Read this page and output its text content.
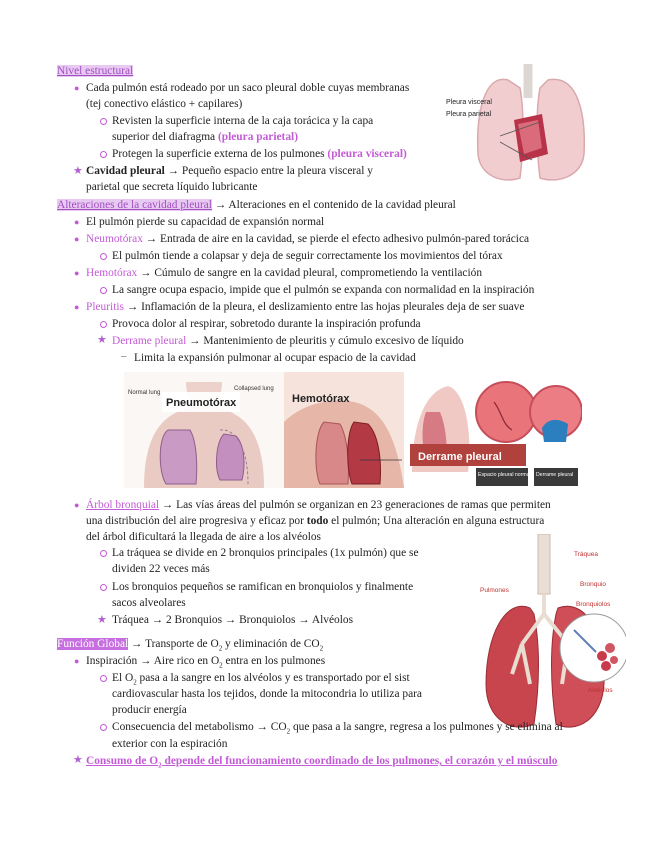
Nivel estructural
● Cada pulmón está rodeado por un saco pleural doble cuyas membranas
(tej conectivo elástico + capilares)
Revisten la superficie interna de la caja torácica y la capa
superior del diafragma (pleura parietal)
Protegen la superficie externa de los pulmones (pleura visceral)
★ Cavidad pleural → Pequeño espacio entre la pleura visceral y
parietal que secreta líquido lubricante
Pleura visceral
Pleura parietal
Alteraciones de la cavidad pleural → Alteraciones en el contenido de la cavidad pleural
● El pulmón pierde su capacidad de expansión normal
● Neumotórax → Entrada de aire en la cavidad, se pierde el efecto adhesivo pulmón-pared torácica
El pulmón tiende a colapsar y deja de seguir correctamente los movimientos del tórax
● Hemotórax → Cúmulo de sangre en la cavidad pleural, comprometiendo la ventilación
La sangre ocupa espacio, impide que el pulmón se expanda con normalidad en la inspiración
● Pleuritis → Inflamación de la pleura, el deslizamiento entre las hojas pleurales deja de ser suave
Provoca dolor al respirar, sobretodo durante la inspiración profunda
★ Derrame pleural → Mantenimiento de pleuritis y cúmulo excesivo de líquido
– Limita la expansión pulmonar al ocupar espacio de la cavidad
Pneumotórax
Normal lung
Collapsed lung
Hemotórax
Derrame pleural
Espacio pleural normal Derrame pleural
● Árbol bronquial → Las vías áreas del pulmón se organizan en 23 generaciones de ramas que permiten
una distribución del aire progresiva y eficaz por todo el pulmón; Una alteración en alguna estructura
del árbol dificultará la llegada de aire a los alvéolos
La tráquea se divide en 2 bronquios principales (1x pulmón) que se
dividen 22 veces más
Los bronquios pequeños se ramifican en bronquiolos y finalmente
sacos alveolares
★ Tráquea → 2 Bronquios → Bronquiolos → Alvéolos
Tráquea
Pulmones
Bronquio
Bronquiolos
Alvéolos
Función Global → Transporte de $O_2$ y eliminación de $CO_2$
● Inspiración → Aire rico en $O_2$ entra en los pulmones
El $O_2$ pasa a la sangre en los alvéolos y es transportado por el sist
cardiovascular hasta los tejidos, donde la mitocondria lo utiliza para
producir energía
Consecuencia del metabolismo → $CO_2$ que pasa a la sangre, regresa a los pulmones y se elimina al
exterior con la espiración
★ Consumo de $O_2$ depende del funcionamiento coordinado de los pulmones, el corazón y el músculo
